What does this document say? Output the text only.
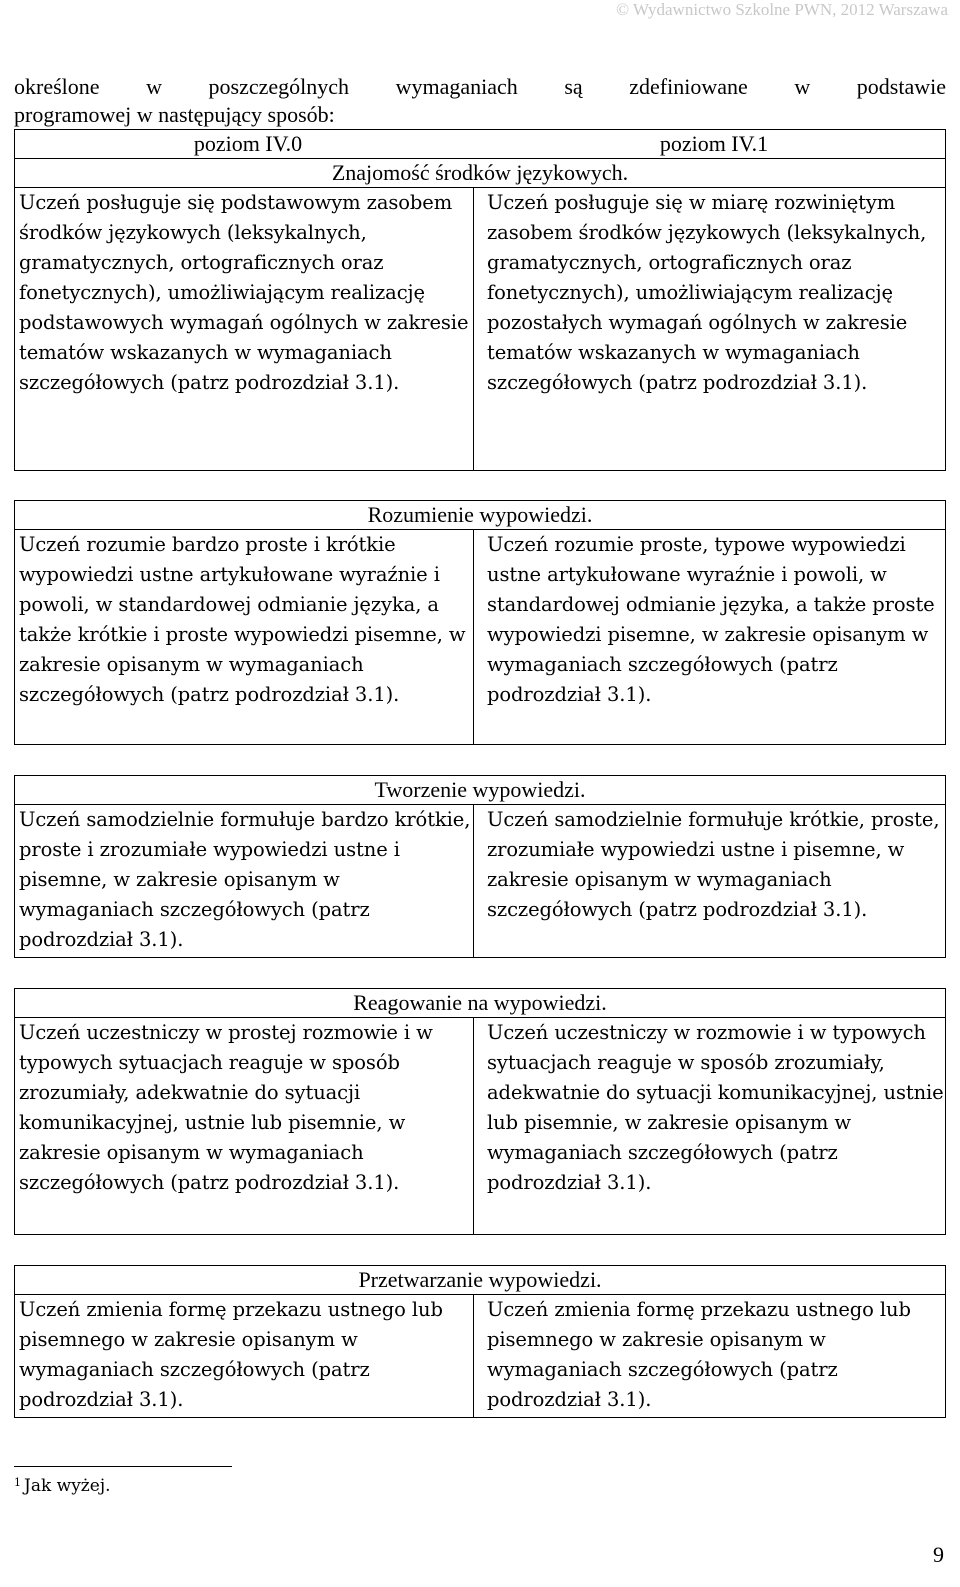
© Wydawnictwo Szkolne PWN, 2012 Warszawa
określone w poszczególnych wymaganiach są zdefiniowane w podstawie
programowej w następujący sposób:
poziom IV.0	poziom IV.1
Znajomość środków językowych.
Uczeń posługuje się podstawowym zasobem środków językowych (leksykalnych, gramatycznych, ortograficznych oraz fonetycznych), umożliwiającym realizację podstawowych wymagań ogólnych w zakresie tematów wskazanych w wymaganiach szczegółowych (patrz podrozdział 3.1).
Uczeń posługuje się w miarę rozwiniętym zasobem środków językowych (leksykalnych, gramatycznych, ortograficznych oraz fonetycznych), umożliwiającym realizację pozostałych wymagań ogólnych w zakresie tematów wskazanych w wymaganiach szczegółowych (patrz podrozdział 3.1).
Rozumienie wypowiedzi.
Uczeń rozumie bardzo proste i krótkie wypowiedzi ustne artykułowane wyraźnie i powoli, w standardowej odmianie języka, a także krótkie i proste wypowiedzi pisemne, w zakresie opisanym w wymaganiach szczegółowych (patrz podrozdział 3.1).
Uczeń rozumie proste, typowe wypowiedzi ustne artykułowane wyraźnie i powoli, w standardowej odmianie języka, a także proste wypowiedzi pisemne, w zakresie opisanym w wymaganiach szczegółowych (patrz podrozdział 3.1).
Tworzenie wypowiedzi.
Uczeń samodzielnie formułuje bardzo krótkie, proste i zrozumiałe wypowiedzi ustne i pisemne, w zakresie opisanym w wymaganiach szczegółowych (patrz podrozdział 3.1).
Uczeń samodzielnie formułuje krótkie, proste, zrozumiałe wypowiedzi ustne i pisemne, w zakresie opisanym w wymaganiach szczegółowych (patrz podrozdział 3.1).
Reagowanie na wypowiedzi.
Uczeń uczestniczy w prostej rozmowie i w typowych sytuacjach reaguje w sposób zrozumiały, adekwatnie do sytuacji komunikacyjnej, ustnie lub pisemnie, w zakresie opisanym w wymaganiach szczegółowych (patrz podrozdział 3.1).
Uczeń uczestniczy w rozmowie i w typowych sytuacjach reaguje w sposób zrozumiały, adekwatnie do sytuacji komunikacyjnej, ustnie lub pisemnie, w zakresie opisanym w wymaganiach szczegółowych (patrz podrozdział 3.1).
Przetwarzanie wypowiedzi.
Uczeń zmienia formę przekazu ustnego lub pisemnego w zakresie opisanym w wymaganiach szczegółowych (patrz podrozdział 3.1).
Uczeń zmienia formę przekazu ustnego lub pisemnego w zakresie opisanym w wymaganiach szczegółowych (patrz podrozdział 3.1).
$^1$ Jak wyżej.
9
